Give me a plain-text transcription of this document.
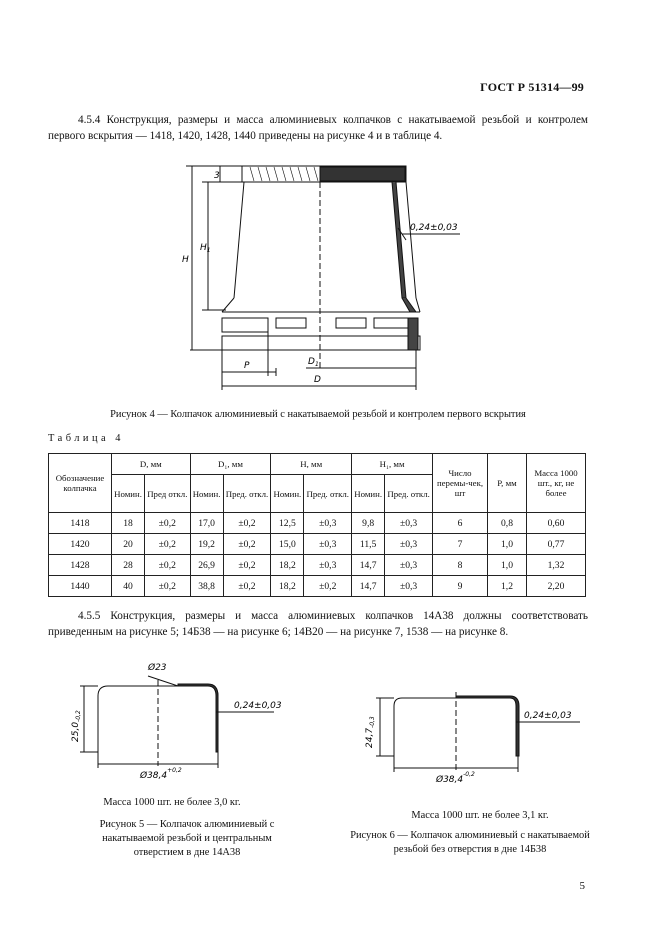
ГОСТ Р 51314—99
4.5.4 Конструкция, размеры и масса алюминиевых колпачков с накатываемой резьбой и контролем первого вскрытия — 1418, 1420, 1428, 1440 приведены на рисунке 4 и в таблице 4.
3
$H_1$
H
0,24±0,03
P	$D_1$
D
Рисунок 4 — Колпачок алюминиевый с накатываемой резьбой и контролем первого вскрытия
Таблица 4
Обозначение колпачка	D, мм		D₁, мм		H, мм		H₁, мм		Число перемы-чек, шт	P, мм	Масса 1000 шт., кг, не более
	Номин.	Пред откл.	Номин.	Пред. откл.	Номин.	Пред. откл.	Номин.	Пред. откл.			
1418	18	±0,2	17,0	±0,2	12,5	±0,3	9,8	±0,3	6	0,8	0,60
1420	20	±0,2	19,2	±0,2	15,0	±0,3	11,5	±0,3	7	1,0	0,77
1428	28	±0,2	26,9	±0,2	18,2	±0,3	14,7	±0,3	8	1,0	1,32
1440	40	±0,2	38,8	±0,2	18,2	±0,2	14,7	±0,3	9	1,2	2,20
4.5.5 Конструкция, размеры и масса алюминиевых колпачков 14А38 должны соответствовать приведенным на рисунке 5; 14Б38 — на рисунке 6; 14В20 — на рисунке 7, 1538 — на рисунке 8.
Ø23
0,24±0,03
$Ø38,4^{+0,2}$
$25,0_{-0,2}$
Масса 1000 шт. не более 3,0 кг.
Рисунок 5 — Колпачок алюминиевый с накатываемой резьбой и центральным отверстием в дне 14А38
0,24±0,03
$Ø38,4^{-0,2}$
$24,7_{-0,3}$
Масса 1000 шт. не более 3,1 кг.
Рисунок 6 — Колпачок алюминиевый с накатываемой резьбой без отверстия в дне 14Б38
5
